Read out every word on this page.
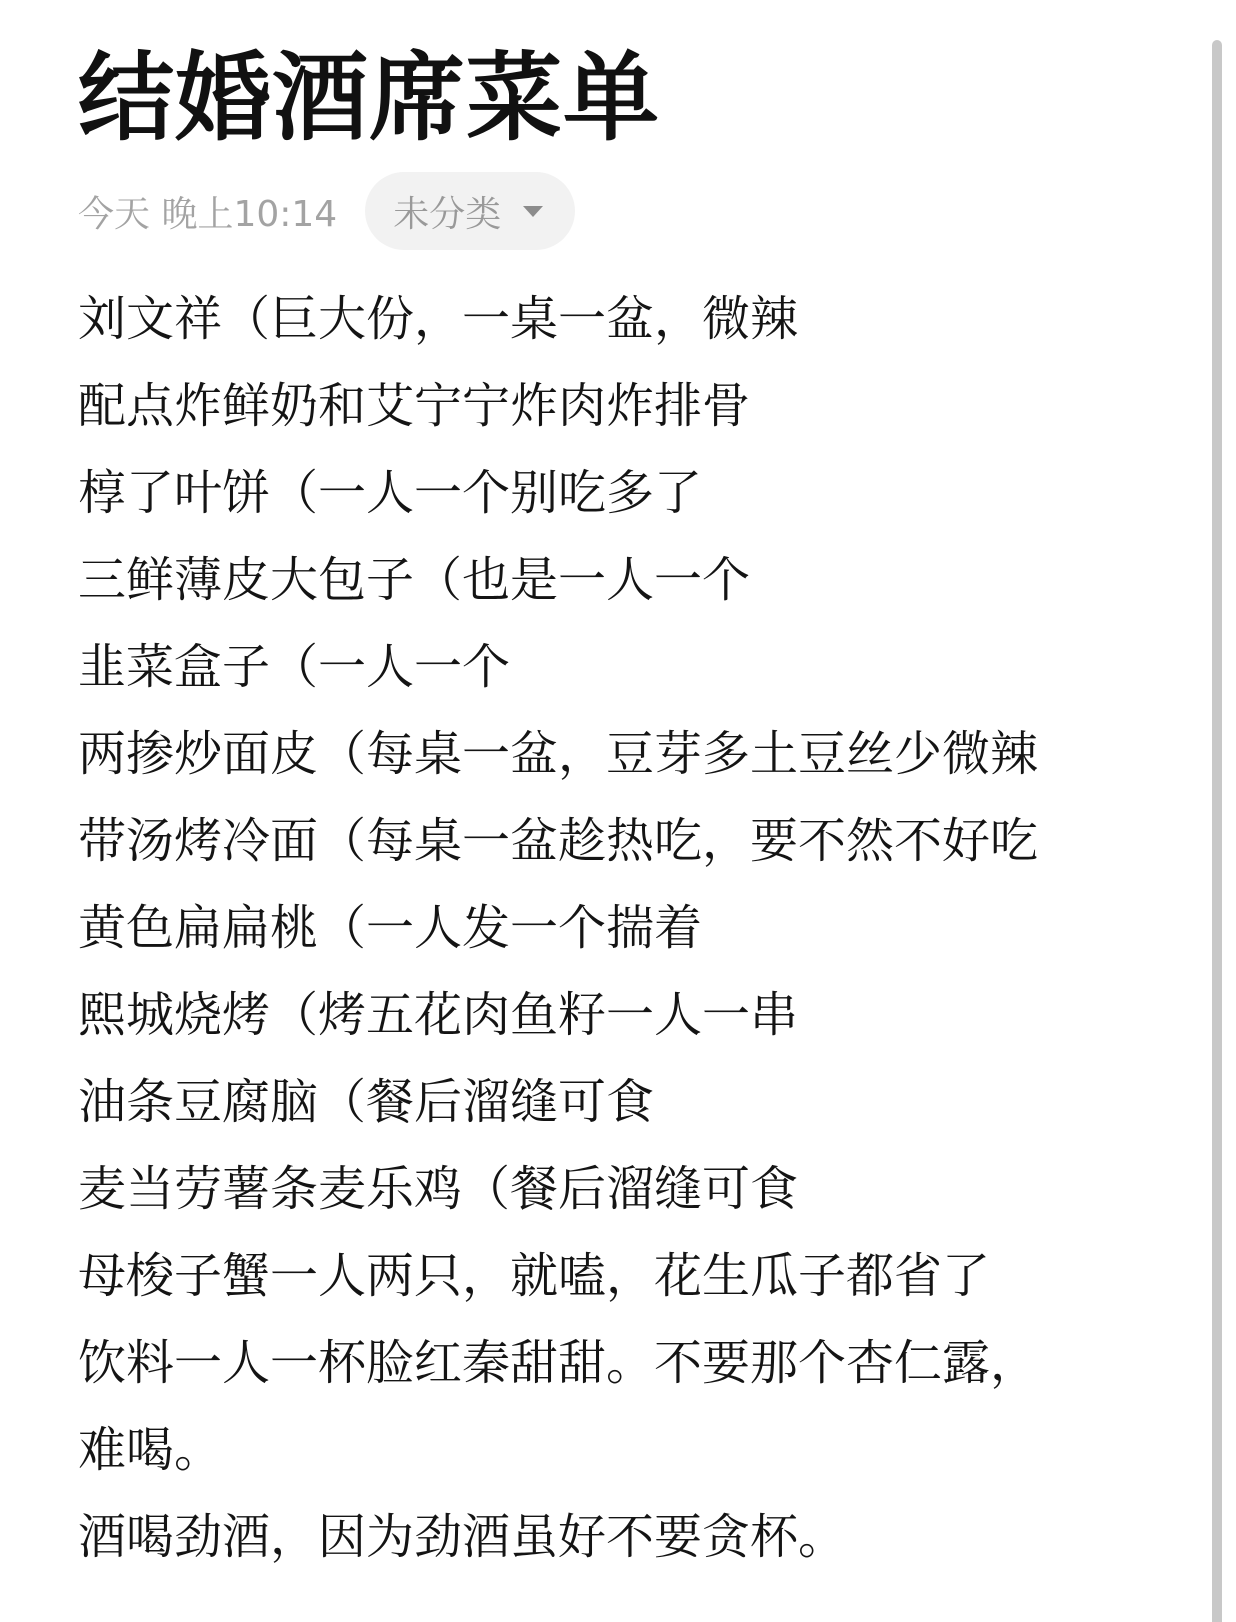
结婚酒席菜单
今天 晚上10:14 未分类
刘文祥（巨大份，一桌一盆，微辣
配点炸鲜奶和艾宁宁炸肉炸排骨
椁了叶饼（一人一个别吃多了
三鲜薄皮大包子（也是一人一个
韭菜盒子（一人一个
两掺炒面皮（每桌一盆，豆芽多土豆丝少微辣
带汤烤冷面（每桌一盆趁热吃，要不然不好吃
黄色扁扁桃（一人发一个揣着
熙城烧烤（烤五花肉鱼籽一人一串
油条豆腐脑（餐后溜缝可食
麦当劳薯条麦乐鸡（餐后溜缝可食
母梭子蟹一人两只，就嗑，花生瓜子都省了
饮料一人一杯脸红秦甜甜。不要那个杏仁露，
难喝。
酒喝劲酒，因为劲酒虽好不要贪杯。
